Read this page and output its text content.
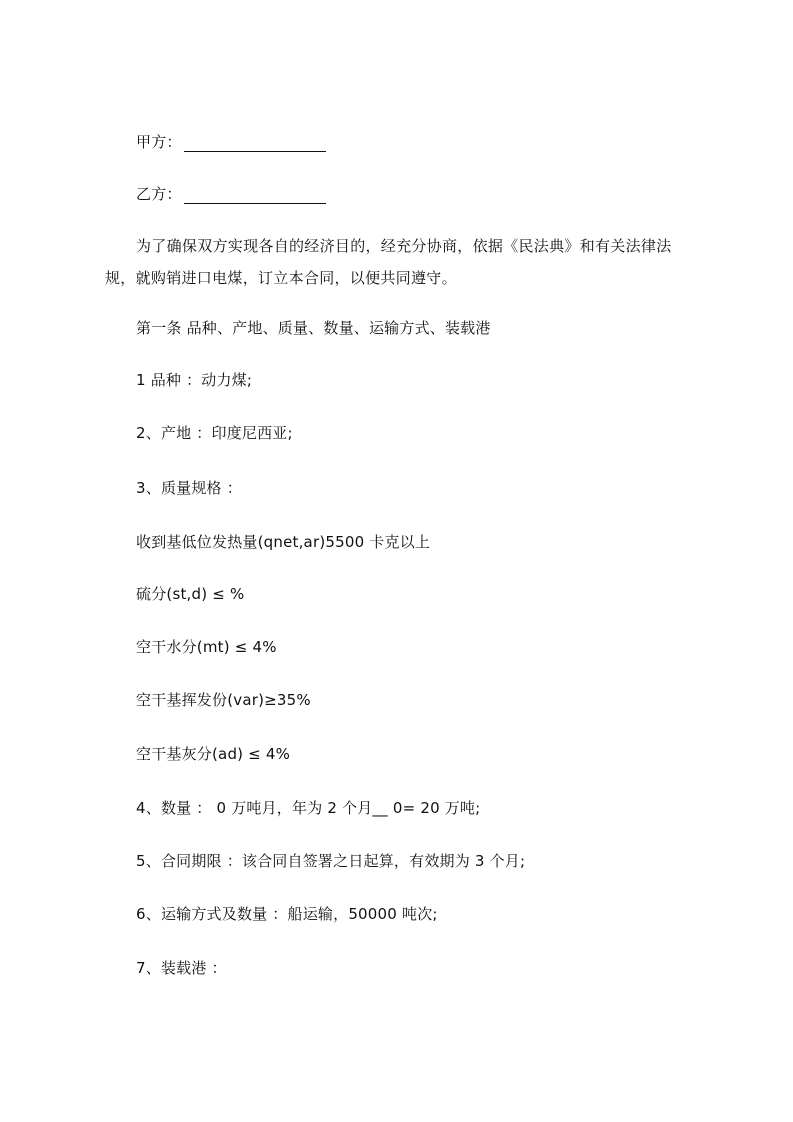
甲方：
乙方：
为了确保双方实现各自的经济目的，经充分协商，依据《民法典》和有关法律法
规，就购销进口电煤，订立本合同，以便共同遵守。
第一条 品种、产地、质量、数量、运输方式、装载港
1 品种 ：动力煤;
2、产地 ：印度尼西亚;
3、质量规格 ：
收到基低位发热量(qnet,ar)5500 卡克以上
硫分(st,d) ≤ %
空干水分(mt) ≤ 4%
空干基挥发份(var)≥35%
空干基灰分(ad) ≤ 4%
4、数量 ： 0 万吨月，年为 2 个月__ 0= 20 万吨;
5、合同期限 ：该合同自签署之日起算，有效期为 3 个月;
6、运输方式及数量 ：船运输，50000 吨次;
7、装载港 ：
